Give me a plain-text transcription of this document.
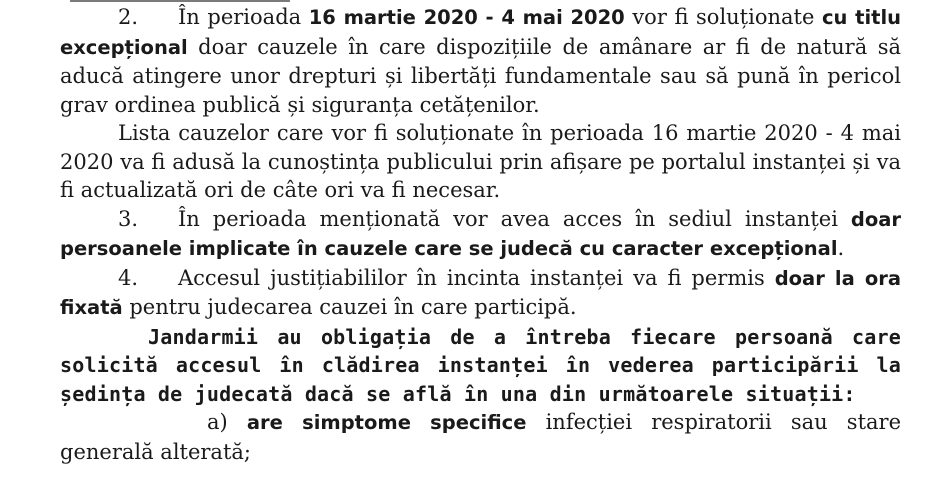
2. În perioada 16 martie 2020 - 4 mai 2020 vor fi soluționate cu titlu excepțional doar cauzele în care dispozițiile de amânare ar fi de natură să aducă atingere unor drepturi și libertăți fundamentale sau să pună în pericol grav ordinea publică și siguranța cetățenilor.

Lista cauzelor care vor fi soluționate în perioada 16 martie 2020 - 4 mai 2020 va fi adusă la cunoștința publicului prin afișare pe portalul instanței și va fi actualizată ori de câte ori va fi necesar.

3. În perioada menționată vor avea acces în sediul instanței doar persoanele implicate în cauzele care se judecă cu caracter excepțional.

4. Accesul justițiabililor în incinta instanței va fi permis doar la ora fixată pentru judecarea cauzei în care participă.

Jandarmii au obligația de a întreba fiecare persoană care solicită accesul în clădirea instanței în vederea participării la ședința de judecată dacă se află în una din următoarele situații:

a) are simptome specifice infecției respiratorii sau stare generală alterată;
